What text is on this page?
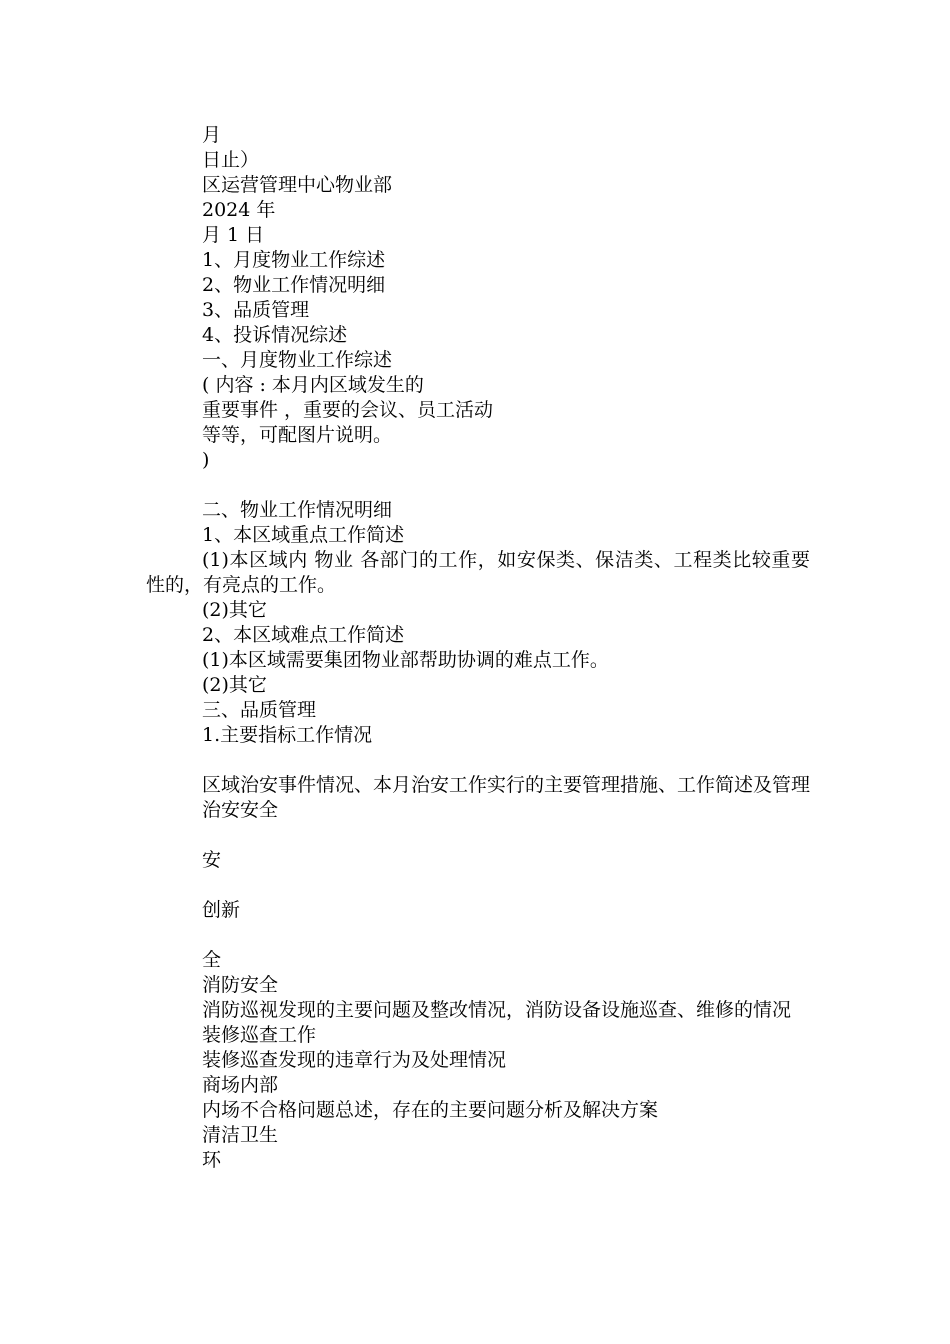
月
日止）
区运营管理中心物业部
2024 年
月 1 日
1、月度物业工作综述
2、物业工作情况明细
3、品质管理
4、投诉情况综述
一、月度物业工作综述
( 内容 : 本月内区域发生的
重要事件 ，重要的会议、员工活动
等等，可配图片说明。
)
二、物业工作情况明细
1、本区域重点工作简述
(1)本区域内 物业 各部门的工作，如安保类、保洁类、工程类比较重要性的，有亮点的工作。
(2)其它
2、本区域难点工作简述
(1)本区域需要集团物业部帮助协调的难点工作。
(2)其它
三、品质管理
1.主要指标工作情况
区域治安事件情况、本月治安工作实行的主要管理措施、工作简述及管理
治安安全
安
创新
全
消防安全
消防巡视发现的主要问题及整改情况，消防设备设施巡查、维修的情况
装修巡查工作
装修巡查发现的违章行为及处理情况
商场内部
内场不合格问题总述，存在的主要问题分析及解决方案
清洁卫生
环
